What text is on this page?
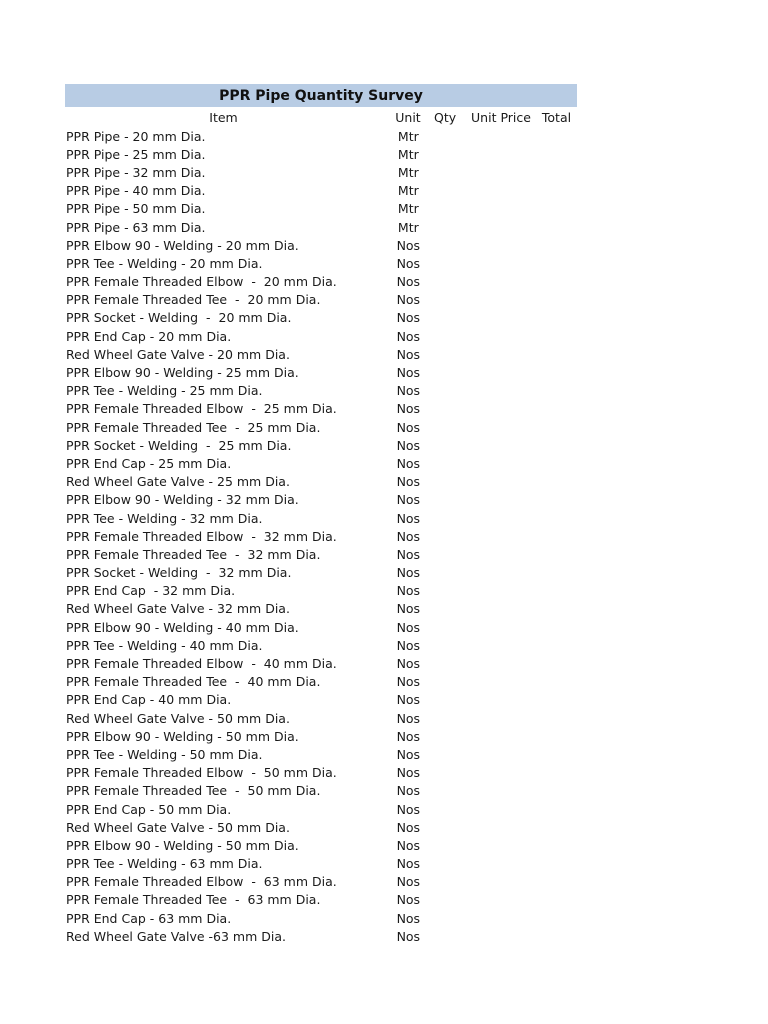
PPR Pipe Quantity Survey
Item	Unit	Qty	Unit Price Total
PPR Pipe - 20 mm Dia.	Mtr
PPR Pipe - 25 mm Dia.	Mtr
PPR Pipe - 32 mm Dia.	Mtr
PPR Pipe - 40 mm Dia.	Mtr
PPR Pipe - 50 mm Dia.	Mtr
PPR Pipe - 63 mm Dia.	Mtr
PPR Elbow 90 - Welding - 20 mm Dia.	Nos
PPR Tee - Welding - 20 mm Dia.	Nos
PPR Female Threaded Elbow  -  20 mm Dia.	Nos
PPR Female Threaded Tee  -  20 mm Dia.	Nos
PPR Socket - Welding  -  20 mm Dia.	Nos
PPR End Cap - 20 mm Dia.	Nos
Red Wheel Gate Valve - 20 mm Dia.	Nos
PPR Elbow 90 - Welding - 25 mm Dia.	Nos
PPR Tee - Welding - 25 mm Dia.	Nos
PPR Female Threaded Elbow  -  25 mm Dia.	Nos
PPR Female Threaded Tee  -  25 mm Dia.	Nos
PPR Socket - Welding  -  25 mm Dia.	Nos
PPR End Cap - 25 mm Dia.	Nos
Red Wheel Gate Valve - 25 mm Dia.	Nos
PPR Elbow 90 - Welding - 32 mm Dia.	Nos
PPR Tee - Welding - 32 mm Dia.	Nos
PPR Female Threaded Elbow  -  32 mm Dia.	Nos
PPR Female Threaded Tee  -  32 mm Dia.	Nos
PPR Socket - Welding  -  32 mm Dia.	Nos
PPR End Cap  - 32 mm Dia.	Nos
Red Wheel Gate Valve - 32 mm Dia.	Nos
PPR Elbow 90 - Welding - 40 mm Dia.	Nos
PPR Tee - Welding - 40 mm Dia.	Nos
PPR Female Threaded Elbow  -  40 mm Dia.	Nos
PPR Female Threaded Tee  -  40 mm Dia.	Nos
PPR End Cap - 40 mm Dia.	Nos
Red Wheel Gate Valve - 50 mm Dia.	Nos
PPR Elbow 90 - Welding - 50 mm Dia.	Nos
PPR Tee - Welding - 50 mm Dia.	Nos
PPR Female Threaded Elbow  -  50 mm Dia.	Nos
PPR Female Threaded Tee  -  50 mm Dia.	Nos
PPR End Cap - 50 mm Dia.	Nos
Red Wheel Gate Valve - 50 mm Dia.	Nos
PPR Elbow 90 - Welding - 50 mm Dia.	Nos
PPR Tee - Welding - 63 mm Dia.	Nos
PPR Female Threaded Elbow  -  63 mm Dia.	Nos
PPR Female Threaded Tee  -  63 mm Dia.	Nos
PPR End Cap - 63 mm Dia.	Nos
Red Wheel Gate Valve -63 mm Dia.	Nos
